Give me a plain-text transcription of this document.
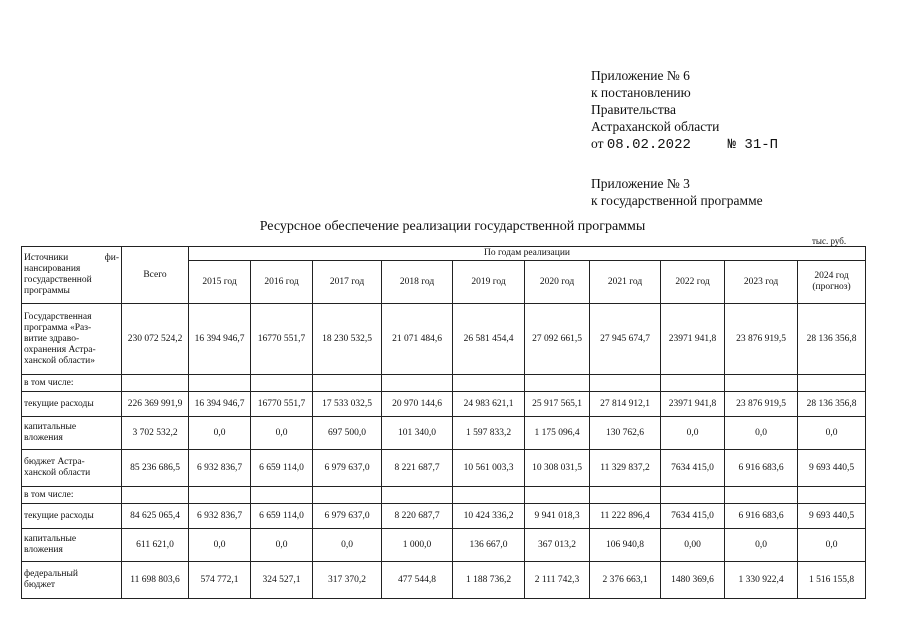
Приложение № 6
к постановлению
Правительства
Астраханской области
от 08.02.2022	№ 31-П
Приложение № 3
к государственной программе
Ресурсное обеспечение реализации государственной программы
тыс. руб.
Источники фи-
нансирования
государственной
программы	Всего	По годам реализации									
		2015 год	2016 год	2017 год	2018 год	2019 год	2020 год	2021 год	2022 год	2023 год	2024 год (прогноз)

Государственная
программа «Раз-
витие здраво-
охранения Астра-
ханской области»	230 072 524,2	16 394 946,7	16770 551,7	18 230 532,5	21 071 484,6	26 581 454,4	27 092 661,5	27 945 674,7	23971 941,8	23 876 919,5	28 136 356,8

в том числе:											

текущие расходы	226 369 991,9	16 394 946,7	16770 551,7	17 533 032,5	20 970 144,6	24 983 621,1	25 917 565,1	27 814 912,1	23971 941,8	23 876 919,5	28 136 356,8

капитальные
вложения	3 702 532,2	0,0	0,0	697 500,0	101 340,0	1 597 833,2	1 175 096,4	130 762,6	0,0	0,0	0,0

бюджет Астра-
ханской области	85 236 686,5	6 932 836,7	6 659 114,0	6 979 637,0	8 221 687,7	10 561 003,3	10 308 031,5	11 329 837,2	7634 415,0	6 916 683,6	9 693 440,5

в том числе:											

текущие расходы	84 625 065,4	6 932 836,7	6 659 114,0	6 979 637,0	8 220 687,7	10 424 336,2	9 941 018,3	11 222 896,4	7634 415,0	6 916 683,6	9 693 440,5

капитальные
вложения	611 621,0	0,0	0,0	0,0	1 000,0	136 667,0	367 013,2	106 940,8	0,00	0,0	0,0

федеральный
бюджет	11 698 803,6	574 772,1	324 527,1	317 370,2	477 544,8	1 188 736,2	2 111 742,3	2 376 663,1	1480 369,6	1 330 922,4	1 516 155,8
